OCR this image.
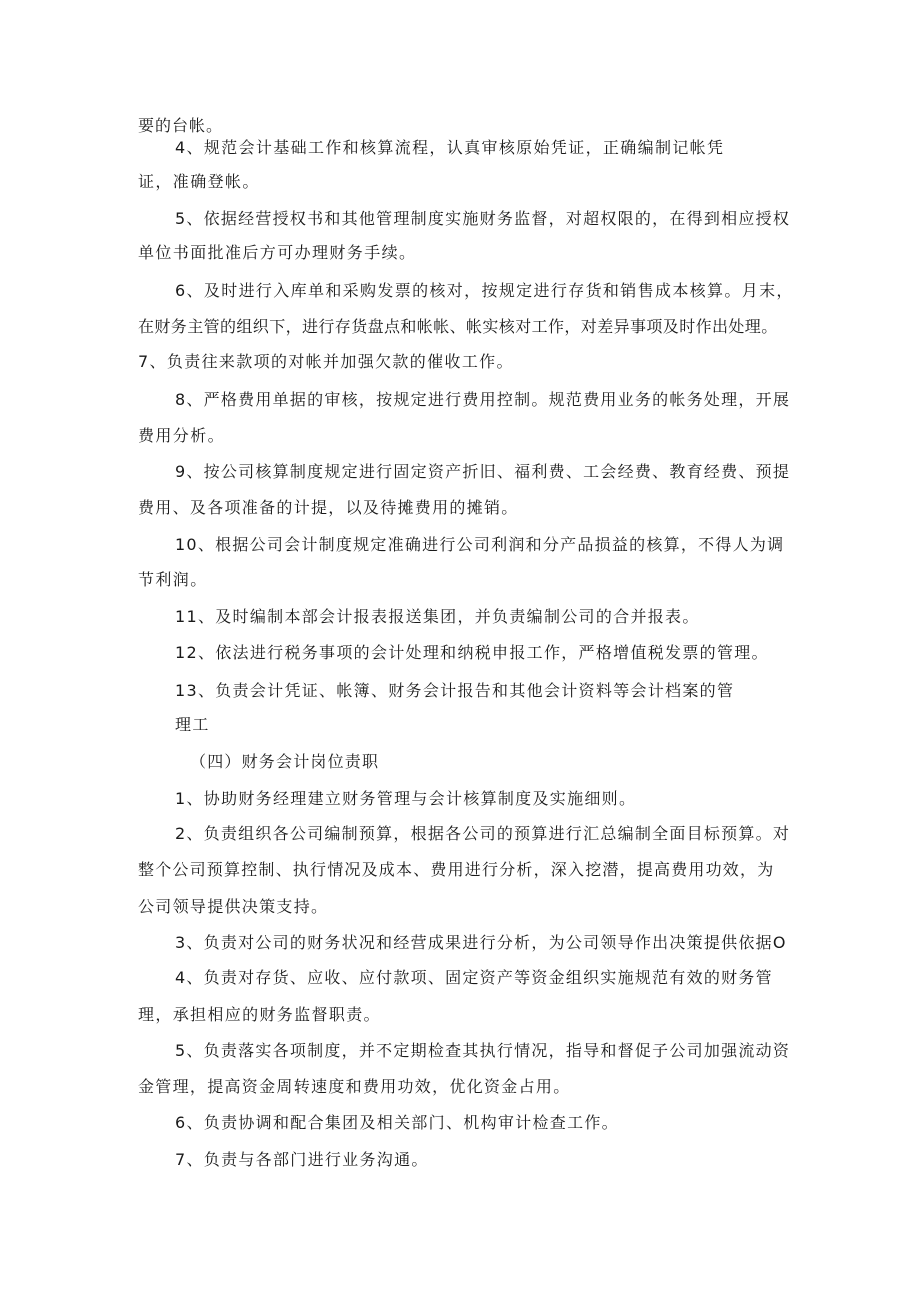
要的台帐。
4、规范会计基础工作和核算流程，认真审核原始凭证，正确编制记帐凭
证，准确登帐。
5、依据经营授权书和其他管理制度实施财务监督，对超权限的，在得到相应授权
单位书面批准后方可办理财务手续。
6、及时进行入库单和采购发票的核对，按规定进行存货和销售成本核算。月末，
在财务主管的组织下，进行存货盘点和帐帐、帐实核对工作，对差异事项及时作出处理。
7、负责往来款项的对帐并加强欠款的催收工作。
8、严格费用单据的审核，按规定进行费用控制。规范费用业务的帐务处理，开展
费用分析。
9、按公司核算制度规定进行固定资产折旧、福利费、工会经费、教育经费、预提
费用、及各项准备的计提，以及待摊费用的摊销。
10、根据公司会计制度规定准确进行公司利润和分产品损益的核算，不得人为调
节利润。
11、及时编制本部会计报表报送集团，并负责编制公司的合并报表。
12、依法进行税务事项的会计处理和纳税申报工作，严格增值税发票的管理。
13、负责会计凭证、帐簿、财务会计报告和其他会计资料等会计档案的管
理工
（四）财务会计岗位责职
1、协助财务经理建立财务管理与会计核算制度及实施细则。
2、负责组织各公司编制预算，根据各公司的预算进行汇总编制全面目标预算。对
整个公司预算控制、执行情况及成本、费用进行分析，深入挖潜，提高费用功效，为
公司领导提供决策支持。
3、负责对公司的财务状况和经营成果进行分析，为公司领导作出决策提供依据O
4、负责对存货、应收、应付款项、固定资产等资金组织实施规范有效的财务管
理，承担相应的财务监督职责。
5、负责落实各项制度，并不定期检查其执行情况，指导和督促子公司加强流动资
金管理，提高资金周转速度和费用功效，优化资金占用。
6、负责协调和配合集团及相关部门、机构审计检查工作。
7、负责与各部门进行业务沟通。
